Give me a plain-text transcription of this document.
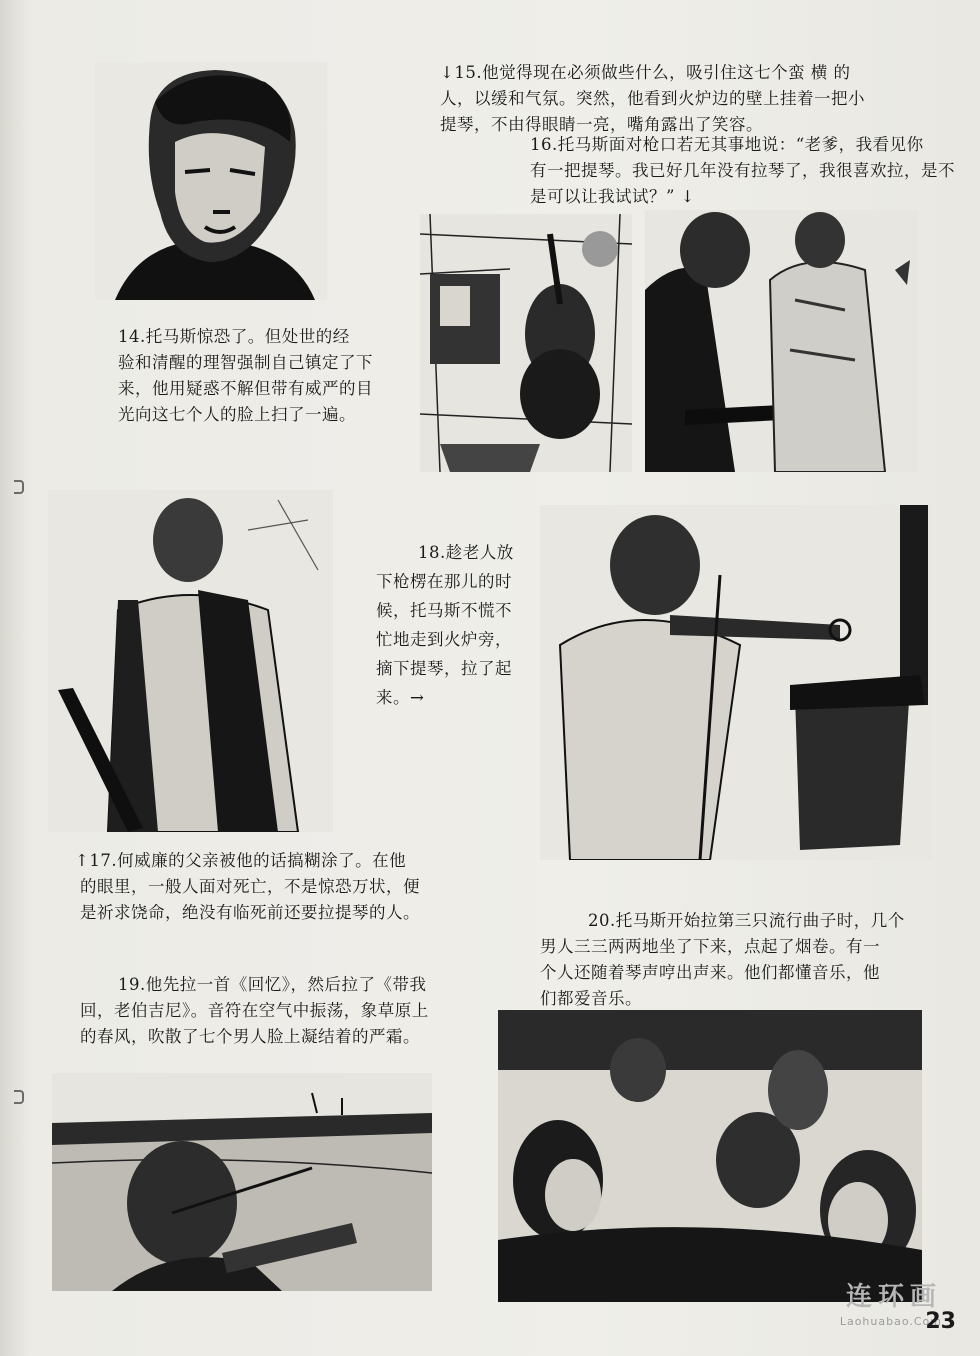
14.托马斯惊恐了。但处世的经
验和清醒的理智强制自己镇定了下
来，他用疑惑不解但带有威严的目
光向这七个人的脸上扫了一遍。
↓15.他觉得现在必须做些什么，吸引住这七个蛮 横 的
人，以缓和气氛。突然，他看到火炉边的壁上挂着一把小
提琴，不由得眼睛一亮，嘴角露出了笑容。
16.托马斯面对枪口若无其事地说：“老爹，我看见你
有一把提琴。我已好几年没有拉琴了，我很喜欢拉，是不
是可以让我试试？” ↓
18.趁老人放
下枪楞在那儿的时
候，托马斯不慌不
忙地走到火炉旁，
摘下提琴，拉了起
来。→
↑17.何威廉的父亲被他的话搞糊涂了。在他
的眼里，一般人面对死亡，不是惊恐万状，便
是祈求饶命，绝没有临死前还要拉提琴的人。	20.托马斯开始拉第三只流行曲子时，几个
男人三三两两地坐了下来，点起了烟卷。有一
个人还随着琴声哼出声来。他们都懂音乐，他
们都爱音乐。
19.他先拉一首《回忆》，然后拉了《带我
回，老伯吉尼》。音符在空气中振荡，象草原上
的春风，吹散了七个男人脸上凝结着的严霜。
连环画
Laohuabao.Com
23
